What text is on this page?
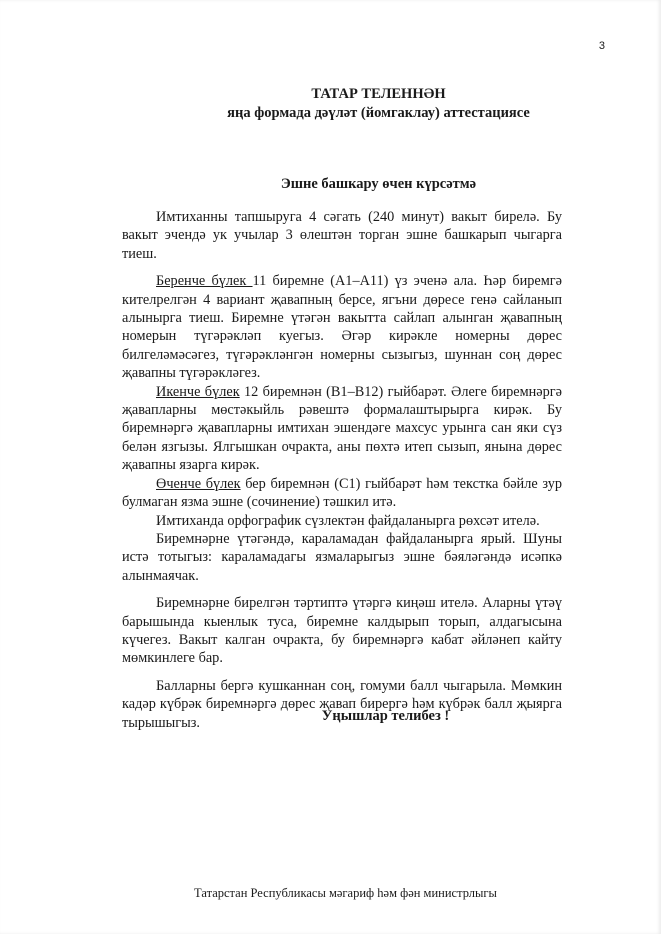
3
ТАТАР ТЕЛЕННӘН
яңа формада дәүләт (йомгаклау) аттестациясе
Эшне башкару өчен күрсәтмә

Имтиханны тапшыруга 4 сәгать (240 минут) вакыт бирелә. Бу вакыт эчендә ук учылар 3 өлештән торган эшне башкарып чыгарга тиеш.

Беренче бүлек 11 биремне (А1–А11) үз эченә ала. Һәр биремгә кителрелгән 4 вариант җавапның берсе, ягъни дөресе генә сайланып алынырга тиеш. Биремне үтәгән вакытта сайлап алынган җавапның номерын түгәрәкләп куегыз. Әгәр кирәкле номерны дөрес билгеләмәсәгез, түгәрәкләнгән номерны сызыгыз, шуннан соң дөрес җавапны түгәрәкләгез.

Икенче бүлек 12 биремнән (В1–В12) гыйбарәт. Әлеге биремнәргә җавапларны мөстәкыйль рәвештә формалаштырырга кирәк. Бу биремнәргә җавапларны имтихан эшендәге махсус урынга сан яки сүз белән язгызы. Ялгышкан очракта, аны пөхтә итеп сызып, янына дөрес җавапны язарга кирәк.

Өченче бүлек бер биремнән (С1) гыйбарәт һәм текстка бәйле зур булмаган язма эшне (сочинение) тәшкил итә.

Имтиханда орфографик сүзлектән файдаланырга рөхсәт ителә.

Биремнәрне үтәгәндә, караламадан файдаланырга ярый. Шуны истә тотыгыз: караламадагы язмаларыгыз эшне бәяләгәндә исәпкә алынмаячак.

Биремнәрне бирелгән тәртиптә үтәргә киңәш ителә. Аларны үтәү барышында кыенлык туса, биремне калдырып торып, алдагысына күчегез. Вакыт калган очракта, бу биремнәргә кабат әйләнеп кайту мөмкинлеге бар.

Балларны бергә кушканнан соң, гомуми балл чыгарыла. Мөмкин кадәр күбрәк биремнәргә дөрес җавап бирергә һәм күбрәк балл җыярга тырышыгыз.	Уңышлар телибез !
Татарстан Республикасы мәгариф һәм фән министрлыгы
